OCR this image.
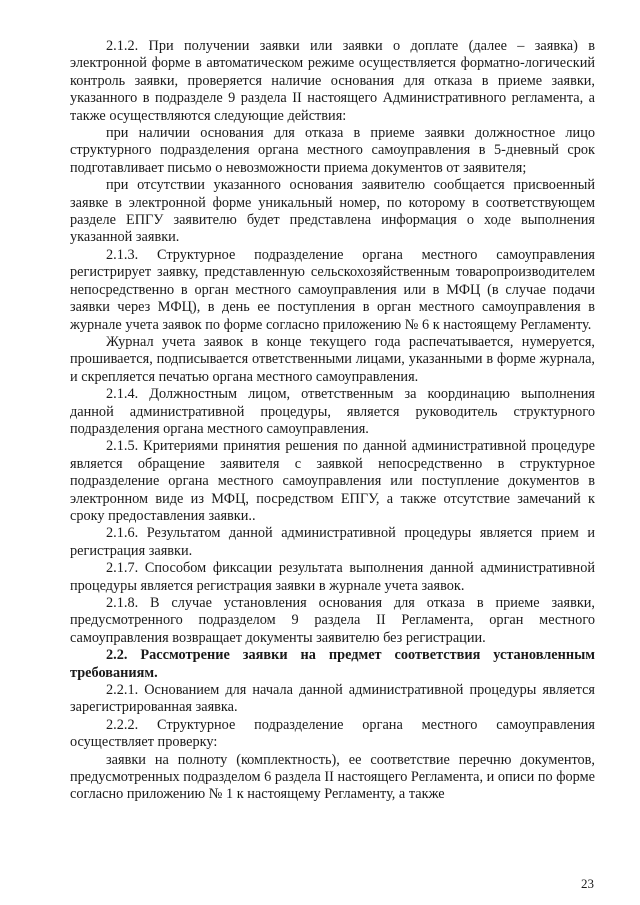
2.1.2. При получении заявки или заявки о доплате (далее – заявка) в электронной форме в автоматическом режиме осуществляется форматно-логический контроль заявки, проверяется наличие основания для отказа в приеме заявки, указанного в подразделе 9 раздела II настоящего Административного регламента, а также осуществляются следующие действия:

при наличии основания для отказа в приеме заявки должностное лицо структурного подразделения органа местного самоуправления в 5-дневный срок подготавливает письмо о невозможности приема документов от заявителя;

при отсутствии указанного основания заявителю сообщается присвоенный заявке в электронной форме уникальный номер, по которому в соответствующем разделе ЕПГУ заявителю будет представлена информация о ходе выполнения указанной заявки.

2.1.3. Структурное подразделение органа местного самоуправления регистрирует заявку, представленную сельскохозяйственным товаропроизводителем непосредственно в орган местного самоуправления или в МФЦ (в случае подачи заявки через МФЦ), в день ее поступления в орган местного самоуправления в журнале учета заявок по форме согласно приложению № 6 к настоящему Регламенту.

Журнал учета заявок в конце текущего года распечатывается, нумеруется, прошивается, подписывается ответственными лицами, указанными в форме журнала, и скрепляется печатью органа местного самоуправления.

2.1.4. Должностным лицом, ответственным за координацию выполнения данной административной процедуры, является руководитель структурного подразделения органа местного самоуправления.

2.1.5. Критериями принятия решения по данной административной процедуре является обращение заявителя с заявкой непосредственно в структурное подразделение органа местного самоуправления или поступление документов в электронном виде из МФЦ, посредством ЕПГУ, а также отсутствие замечаний к сроку предоставления заявки..

2.1.6. Результатом данной административной процедуры является прием и регистрация заявки.

2.1.7. Способом фиксации результата выполнения данной административной процедуры является регистрация заявки в журнале учета заявок.

2.1.8. В случае установления основания для отказа в приеме заявки, предусмотренного подразделом 9 раздела II Регламента, орган местного самоуправления возвращает документы заявителю без регистрации.

2.2. Рассмотрение заявки на предмет соответствия установленным требованиям.

2.2.1. Основанием для начала данной административной процедуры является зарегистрированная заявка.

2.2.2. Структурное подразделение органа местного самоуправления осуществляет проверку:

заявки на полноту (комплектность), ее соответствие перечню документов, предусмотренных подразделом 6 раздела II настоящего Регламента, и описи по форме согласно приложению № 1 к настоящему Регламенту, а также

23
